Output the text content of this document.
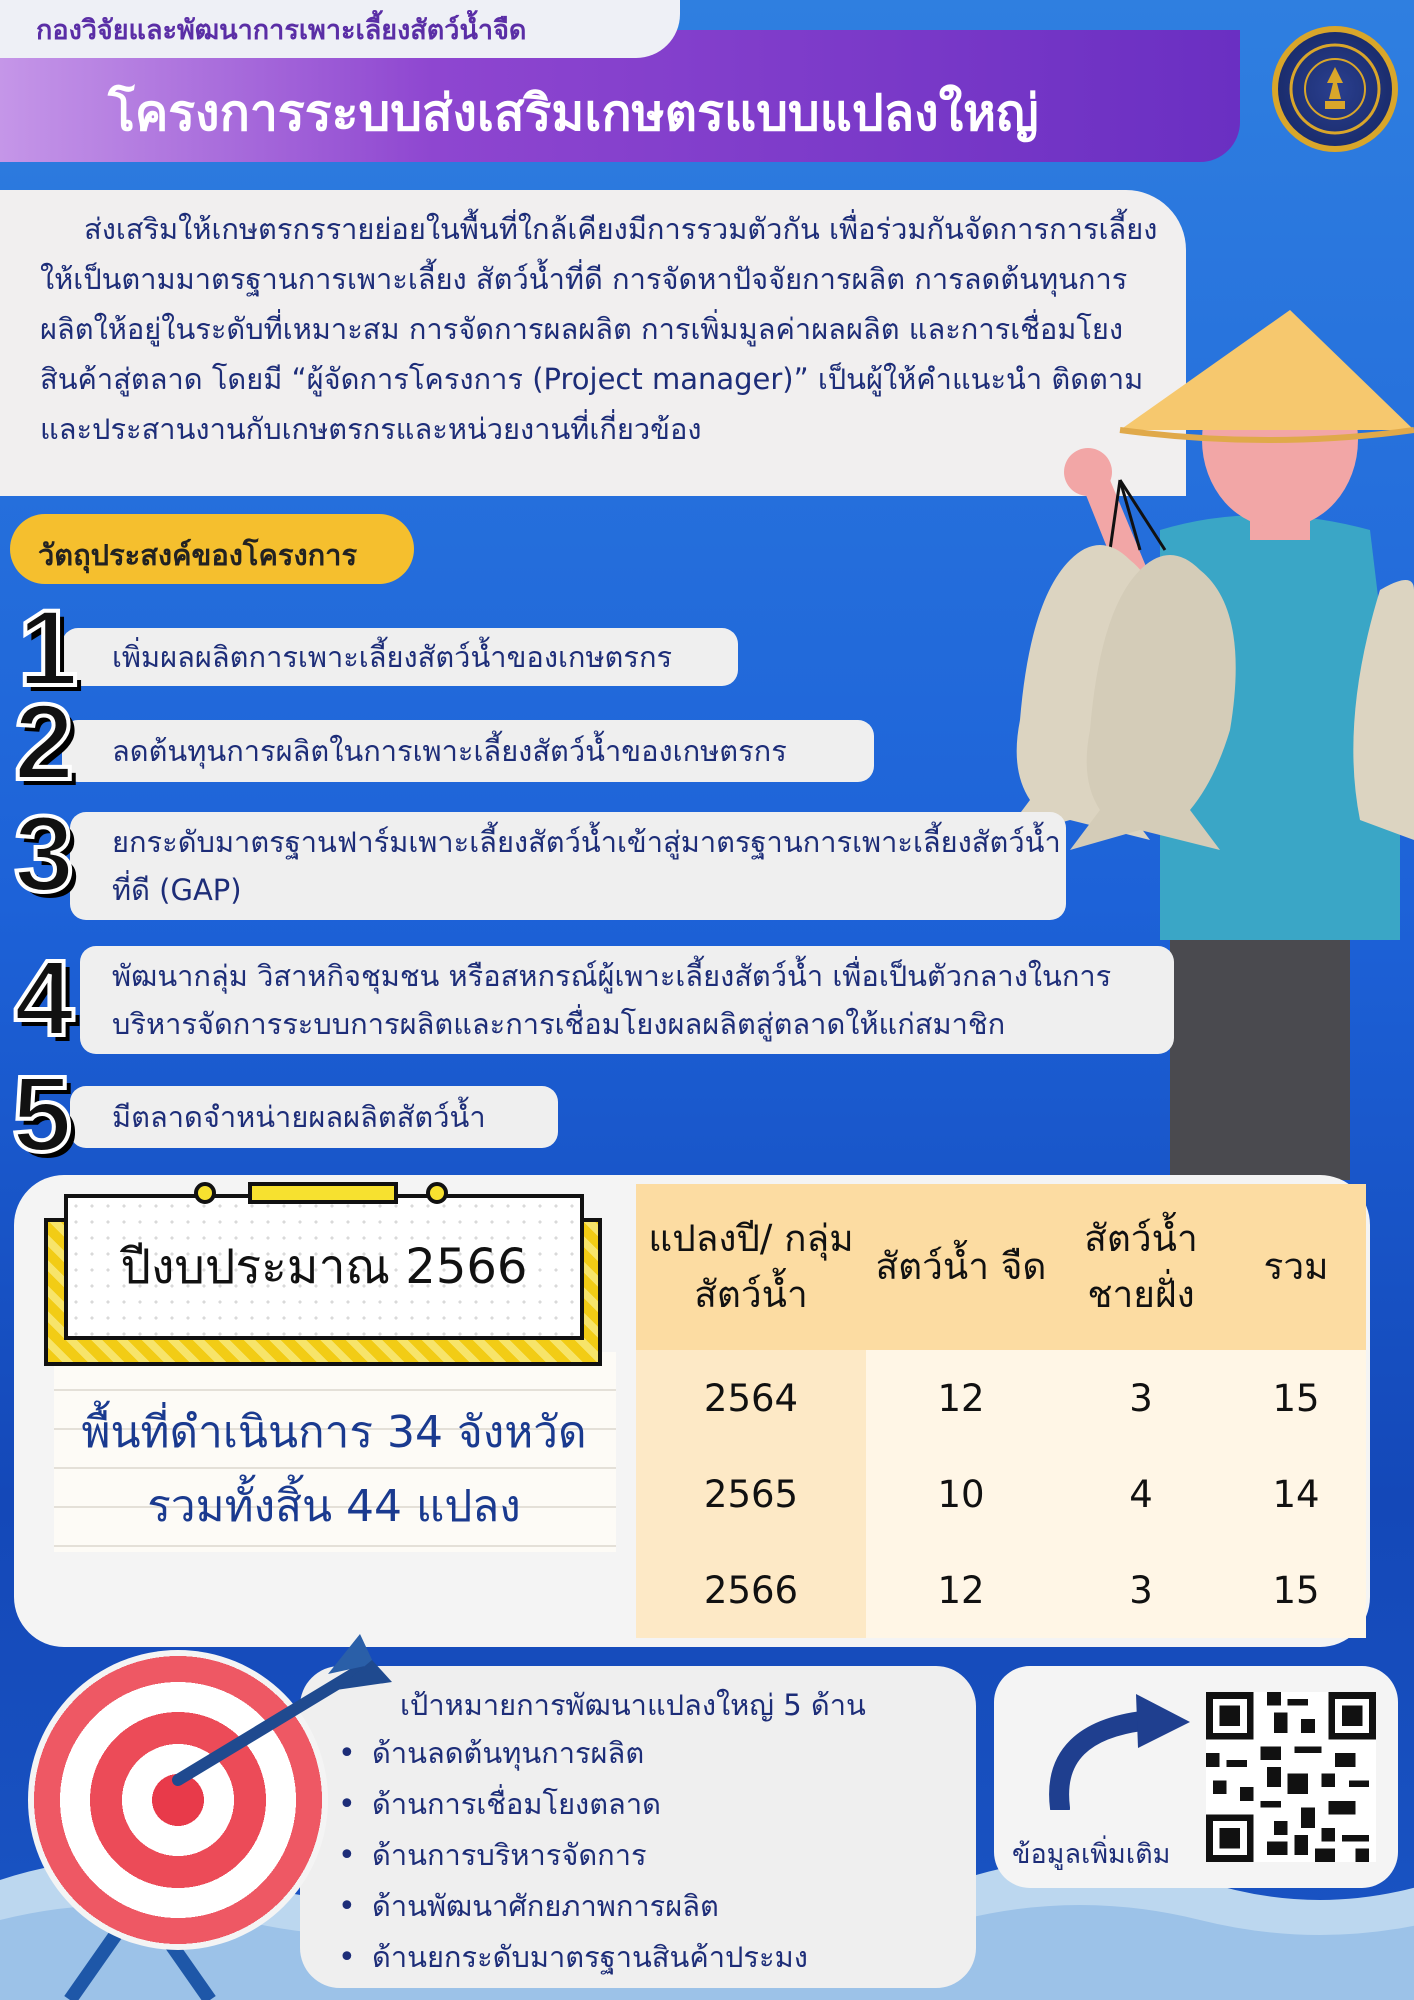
กองวิจัยและพัฒนาการเพาะเลี้ยงสัตว์น้ำจืด
โครงการระบบส่งเสริมเกษตรแบบแปลงใหญ่

ส่งเสริมให้เกษตรกรรายย่อยในพื้นที่ใกล้เคียงมีการรวมตัวกัน เพื่อร่วมกันจัดการการเลี้ยงให้เป็นตามมาตรฐานการเพาะเลี้ยง สัตว์น้ำที่ดี การจัดหาปัจจัยการผลิต การลดต้นทุนการผลิตให้อยู่ในระดับที่เหมาะสม การจัดการผลผลิต การเพิ่มมูลค่าผลผลิต และการเชื่อมโยงสินค้าสู่ตลาด โดยมี “ผู้จัดการโครงการ (Project manager)” เป็นผู้ให้คำแนะนำ ติดตาม และประสานงานกับเกษตรกรและหน่วยงานที่เกี่ยวข้อง

วัตถุประสงค์ของโครงการ
เพิ่มผลผลิตการเพาะเลี้ยงสัตว์น้ำของเกษตรกร
1
ลดต้นทุนการผลิตในการเพาะเลี้ยงสัตว์น้ำของเกษตรกร
2
ยกระดับมาตรฐานฟาร์มเพาะเลี้ยงสัตว์น้ำเข้าสู่มาตรฐานการเพาะเลี้ยงสัตว์น้ำที่ดี (GAP)
3
พัฒนากลุ่ม วิสาหกิจชุมชน หรือสหกรณ์ผู้เพาะเลี้ยงสัตว์น้ำ เพื่อเป็นตัวกลางในการบริหารจัดการระบบการผลิตและการเชื่อมโยงผลผลิตสู่ตลาดให้แก่สมาชิก
4
มีตลาดจำหน่ายผลผลิตสัตว์น้ำ
5
ปีงบประมาณ 2566
พื้นที่ดำเนินการ 34 จังหวัด
รวมทั้งสิ้น 44 แปลง
แปลงปี/ กลุ่มสัตว์น้ำ	สัตว์น้ำ จืด	สัตว์น้ำ ชายฝั่ง	รวม
2564	12	3	15
2565	10	4	14
2566	12	3	15
เป้าหมายการพัฒนาแปลงใหญ่ 5 ด้าน
• ด้านลดต้นทุนการผลิต
• ด้านการเชื่อมโยงตลาด
• ด้านการบริหารจัดการ
• ด้านพัฒนาศักยภาพการผลิต
• ด้านยกระดับมาตรฐานสินค้าประมง
ข้อมูลเพิ่มเติม
